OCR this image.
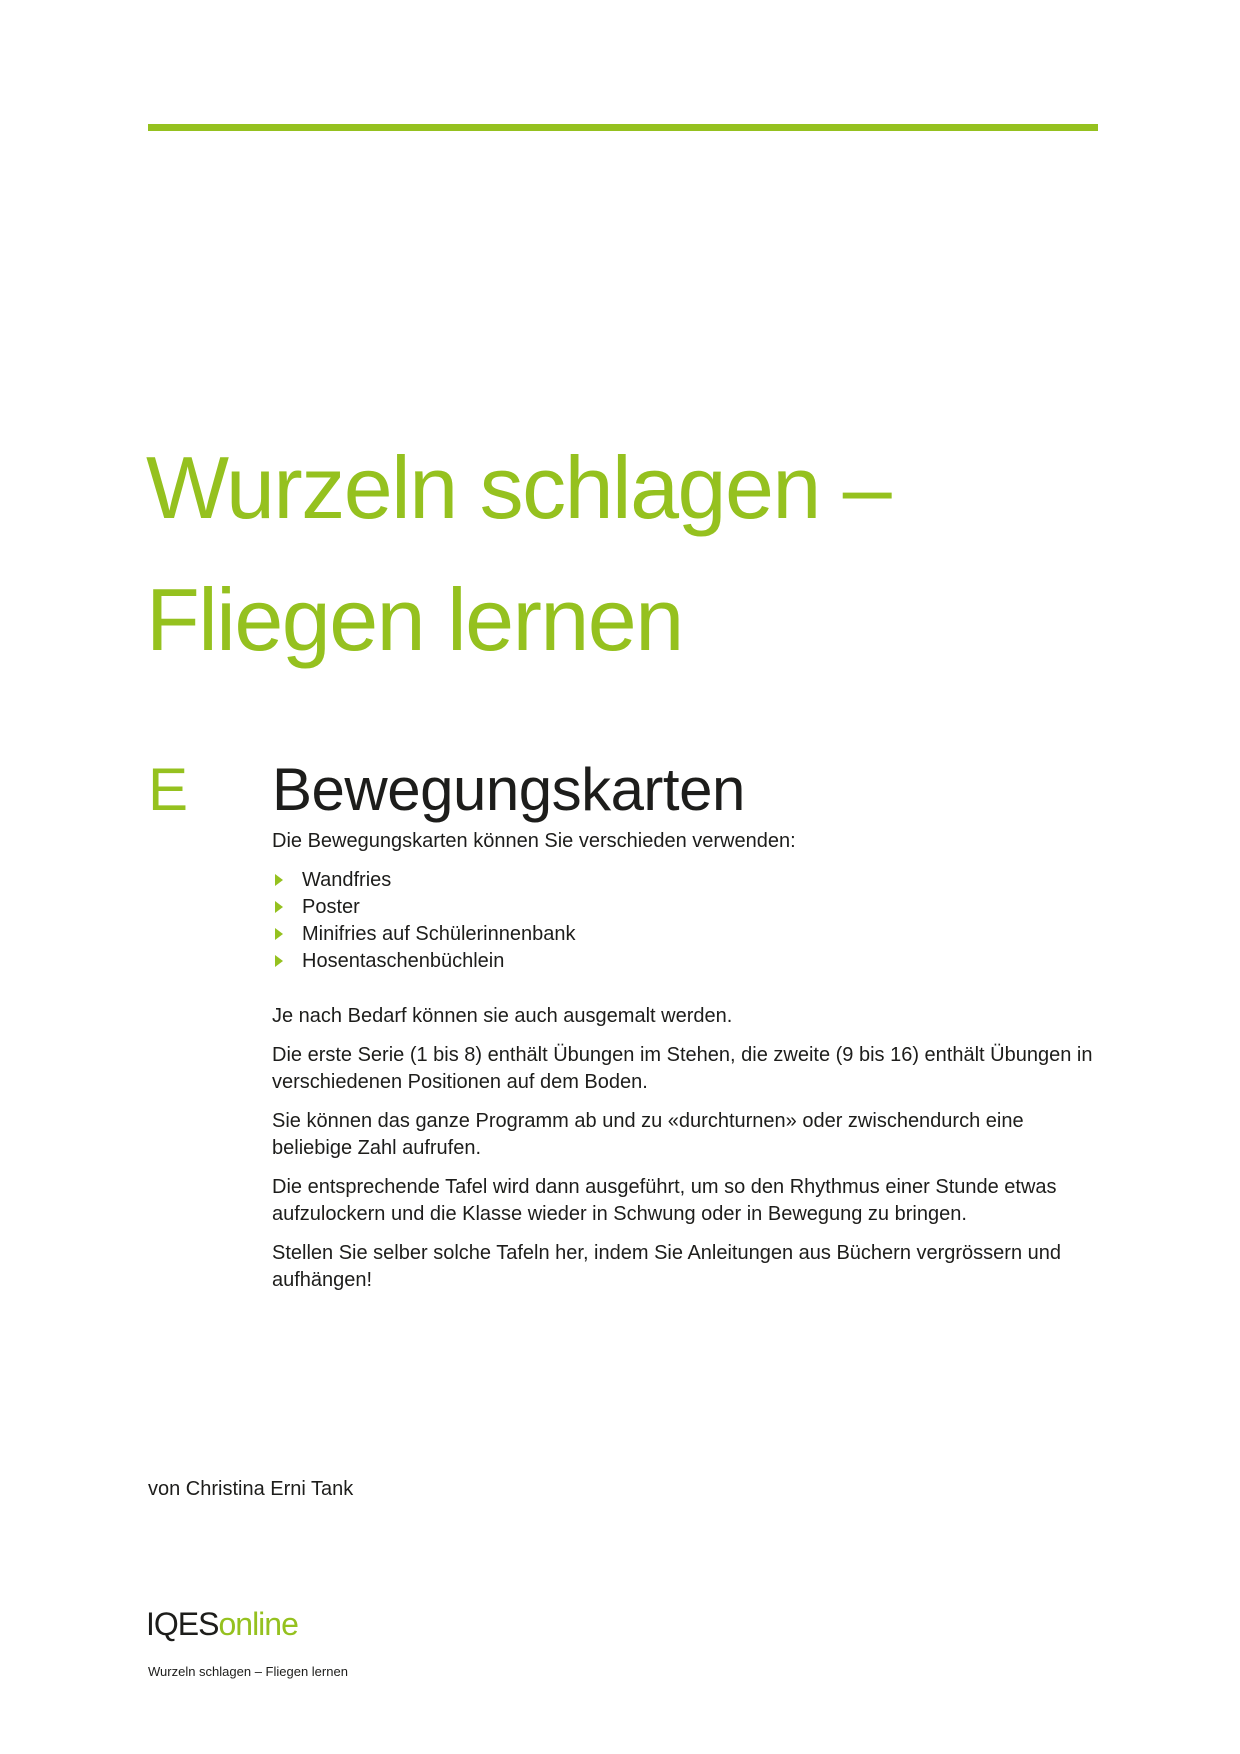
Wurzeln schlagen –
Fliegen lernen
E Bewegungskarten

Die Bewegungskarten können Sie verschieden verwenden:

Wandfries
Poster
Minifries auf Schülerinnenbank
Hosentaschenbüchlein

Je nach Bedarf können sie auch ausgemalt werden.

Die erste Serie (1 bis 8) enthält Übungen im Stehen, die zweite (9 bis 16) enthält Übungen in verschiedenen Positionen auf dem Boden.

Sie können das ganze Programm ab und zu «durchturnen» oder zwischendurch eine beliebige Zahl aufrufen.

Die entsprechende Tafel wird dann ausgeführt, um so den Rhythmus einer Stunde etwas aufzulockern und die Klasse wieder in Schwung oder in Bewegung zu bringen.

Stellen Sie selber solche Tafeln her, indem Sie Anleitungen aus Büchern vergrössern und aufhängen!

von Christina Erni Tank
IQESonline
Wurzeln schlagen – Fliegen lernen
